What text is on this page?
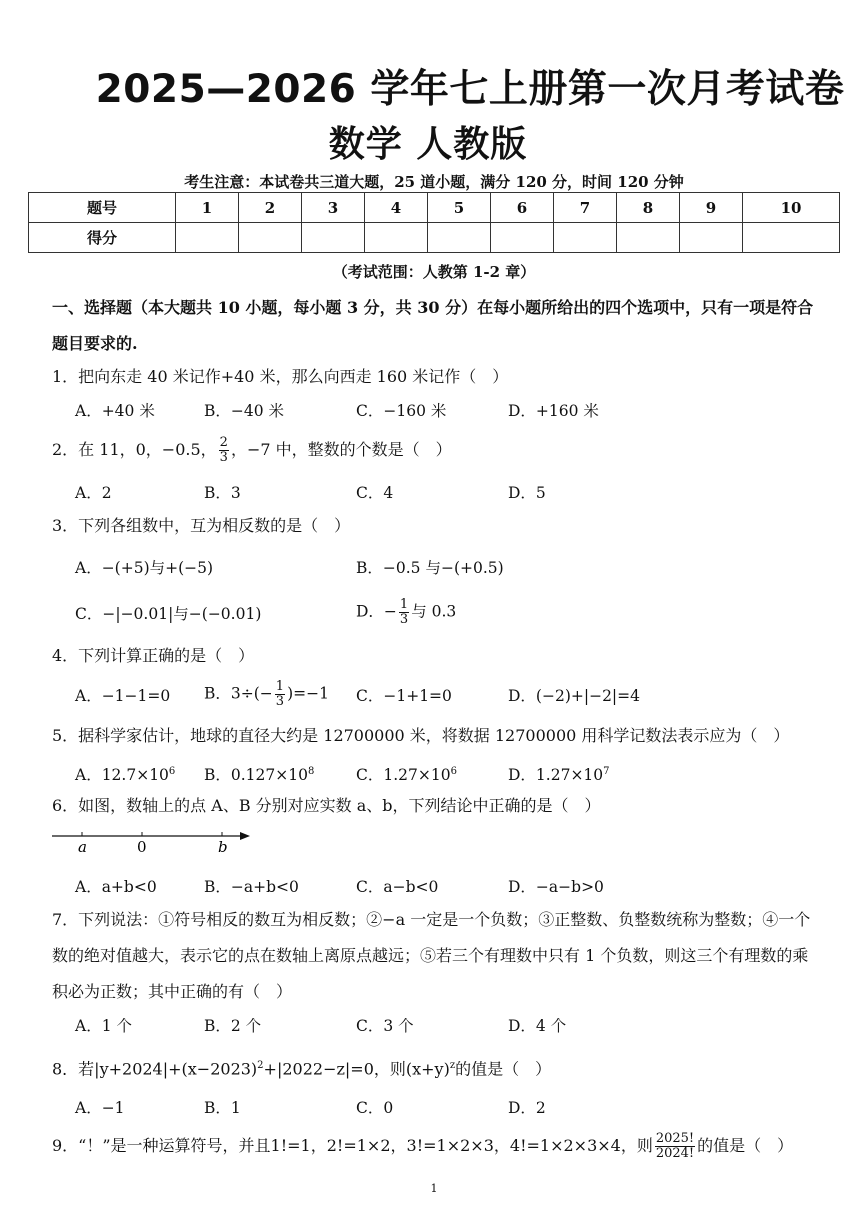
2025—2026 学年七上册第一次月考试卷
数学 人教版
考生注意：本试卷共三道大题，25 道小题，满分 120 分，时间 120 分钟
题号	1	2	3	4	5	6	7	8	9	10
得分										
（考试范围：人教第 1-2 章）
一、选择题（本大题共 10 小题，每小题 3 分，共 30 分）在每小题所给出的四个选项中，只有一项是符合题目要求的.
1．把向东走 40 米记作+40 米，那么向西走 160 米记作（　）
A．+40 米	B．−40 米	C．−160 米	D．+160 米
2．在 11，0，−0.5， $\frac{2}{3}$ ，−7 中，整数的个数是（　）
A．2	B．3	C．4	D．5
3．下列各组数中，互为相反数的是（　）
A．−(+5)与+(−5)	B．−0.5 与−(+0.5)
C．−|−0.01|与−(−0.01)	D．− $\frac{1}{3}$ 与 0.3
4．下列计算正确的是（　）
A．−1−1=0 B．$3\div(- \frac{1}{3} )=-1$ C．−1+1=0	D．(−2)+|−2|=4
5．据科学家估计，地球的直径大约是 12700000 米，将数据 12700000 用科学记数法表示应为（　）
A．$12.7\times 10^6$ B．$0.127\times 10^8$	C．$1.27\times 10^6$	D．$1.27\times 10^7$
6．如图，数轴上的点 A、B 分别对应实数 a、b，下列结论中正确的是（　）
a	0	b
A．a+b<0	B．−a+b<0	C．a−b<0	D．−a−b>0
7．下列说法：①符号相反的数互为相反数；②−a 一定是一个负数；③正整数、负整数统称为整数；④一个数的绝对值越大，表示它的点在数轴上离原点越远；⑤若三个有理数中只有 1 个负数，则这三个有理数的乘积必为正数；其中正确的有（　）
A．1 个	B．2 个	C．3 个	D．4 个
8．若$|y+2024|+(x-2023)^2+|2022-z|=0$，则$(x+y)^z$的值是（　）
A．−1	B．1	C．0	D．2
9．“！”是一种运算符号，并且1!=1，2!=1×2，3!=1×2×3，4!=1×2×3×4，则 $\frac{2025!}{2024!}$ 的值是（　）
1
